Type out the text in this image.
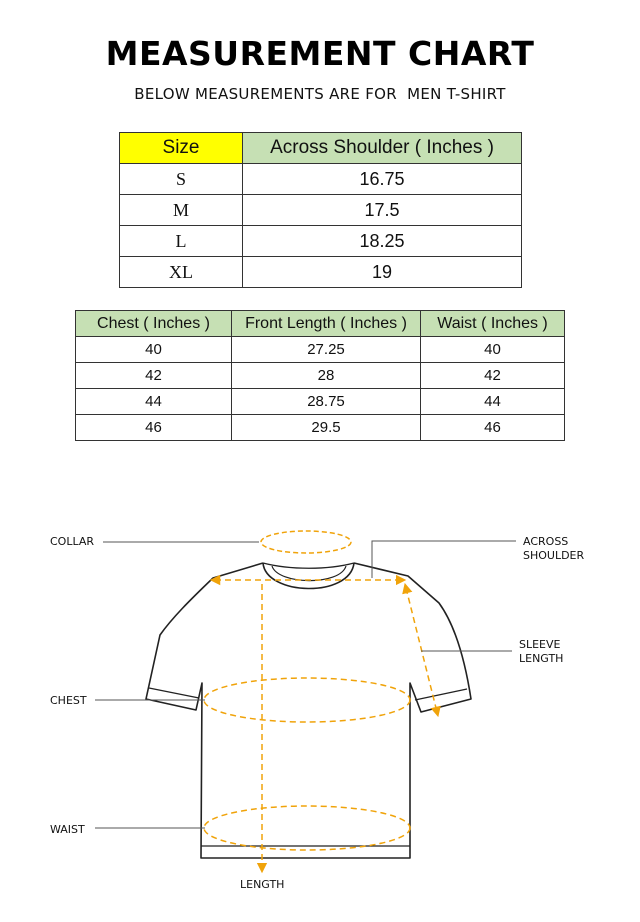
MEASUREMENT CHART
BELOW MEASUREMENTS ARE FOR  MEN T-SHIRT
Size	Across Shoulder ( Inches )
S	16.75
M	17.5
L	18.25
XL	19
Chest ( Inches )	Front Length ( Inches )	Waist ( Inches )
40	27.25	40
42	28	42
44	28.75	44
46	29.5	46
COLLAR	ACROSS
SHOULDER
SLEEVE
LENGTH
CHEST
WAIST
LENGTH
